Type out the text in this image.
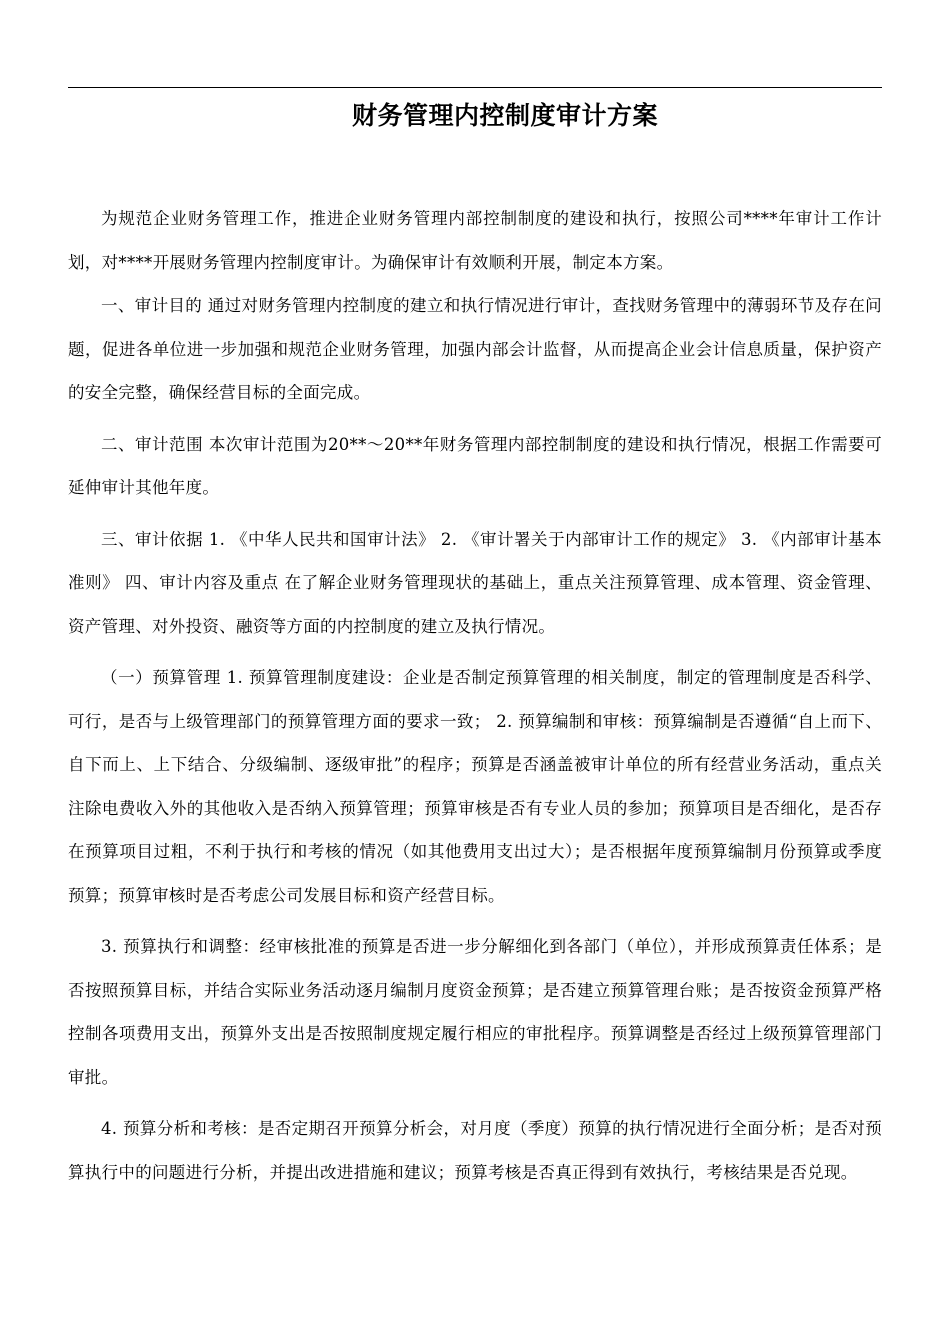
财务管理内控制度审计方案

为规范企业财务管理工作，推进企业财务管理内部控制制度的建设和执行，按照公司****年审计工作计划，对****开展财务管理内控制度审计。为确保审计有效顺利开展，制定本方案。

一、审计目的 通过对财务管理内控制度的建立和执行情况进行审计，查找财务管理中的薄弱环节及存在问题，促进各单位进一步加强和规范企业财务管理，加强内部会计监督，从而提高企业会计信息质量，保护资产的安全完整，确保经营目标的全面完成。

二、审计范围 本次审计范围为20**～20**年财务管理内部控制制度的建设和执行情况，根据工作需要可延伸审计其他年度。

三、审计依据 1. 《中华人民共和国审计法》 2. 《审计署关于内部审计工作的规定》 3. 《内部审计基本准则》 四、审计内容及重点 在了解企业财务管理现状的基础上，重点关注预算管理、成本管理、资金管理、资产管理、对外投资、融资等方面的内控制度的建立及执行情况。

（一）预算管理 1. 预算管理制度建设：企业是否制定预算管理的相关制度，制定的管理制度是否科学、可行，是否与上级管理部门的预算管理方面的要求一致； 2. 预算编制和审核：预算编制是否遵循“自上而下、自下而上、上下结合、分级编制、逐级审批”的程序；预算是否涵盖被审计单位的所有经营业务活动，重点关注除电费收入外的其他收入是否纳入预算管理；预算审核是否有专业人员的参加；预算项目是否细化，是否存在预算项目过粗，不利于执行和考核的情况（如其他费用支出过大）；是否根据年度预算编制月份预算或季度预算；预算审核时是否考虑公司发展目标和资产经营目标。

3. 预算执行和调整：经审核批准的预算是否进一步分解细化到各部门（单位），并形成预算责任体系；是否按照预算目标，并结合实际业务活动逐月编制月度资金预算；是否建立预算管理台账；是否按资金预算严格控制各项费用支出，预算外支出是否按照制度规定履行相应的审批程序。预算调整是否经过上级预算管理部门审批。

4. 预算分析和考核：是否定期召开预算分析会，对月度（季度）预算的执行情况进行全面分析；是否对预算执行中的问题进行分析，并提出改进措施和建议；预算考核是否真正得到有效执行，考核结果是否兑现。
